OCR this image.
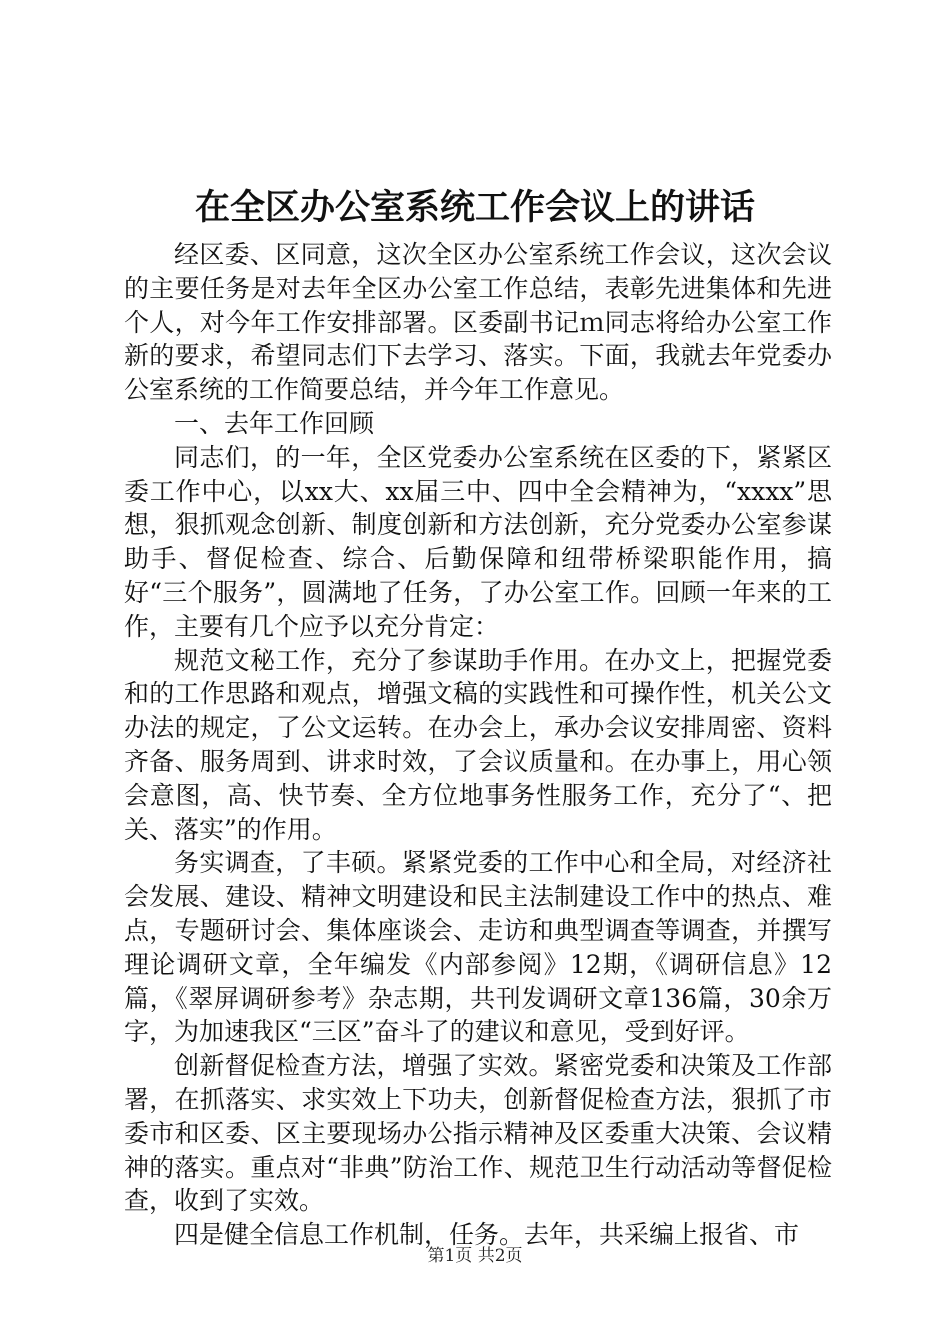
在全区办公室系统工作会议上的讲话

经区委、区同意，这次全区办公室系统工作会议，这次会议的主要任务是对去年全区办公室工作总结，表彰先进集体和先进个人，对今年工作安排部署。区委副书记ｍ同志将给办公室工作新的要求，希望同志们下去学习、落实。下面，我就去年党委办公室系统的工作简要总结，并今年工作意见。

一、去年工作回顾

同志们，的一年，全区党委办公室系统在区委的下，紧紧区委工作中心，以xx大、xx届三中、四中全会精神为，“xxxx”思想，狠抓观念创新、制度创新和方法创新，充分党委办公室参谋助手、督促检查、综合、后勤保障和纽带桥梁职能作用，搞好“三个服务”，圆满地了任务，了办公室工作。回顾一年来的工作，主要有几个应予以充分肯定：

规范文秘工作，充分了参谋助手作用。在办文上，把握党委和的工作思路和观点，增强文稿的实践性和可操作性，机关公文办法的规定，了公文运转。在办会上，承办会议安排周密、资料齐备、服务周到、讲求时效，了会议质量和。在办事上，用心领会意图，高、快节奏、全方位地事务性服务工作，充分了“、把关、落实”的作用。

务实调查，了丰硕。紧紧党委的工作中心和全局，对经济社会发展、建设、精神文明建设和民主法制建设工作中的热点、难点，专题研讨会、集体座谈会、走访和典型调查等调查，并撰写理论调研文章，全年编发《内部参阅》12期，《调研信息》12篇，《翠屏调研参考》杂志期，共刊发调研文章136篇，30余万字，为加速我区“三区”奋斗了的建议和意见，受到好评。

创新督促检查方法，增强了实效。紧密党委和决策及工作部署，在抓落实、求实效上下功夫，创新督促检查方法，狠抓了市委市和区委、区主要现场办公指示精神及区委重大决策、会议精神的落实。重点对“非典”防治工作、规范卫生行动活动等督促检查，收到了实效。

四是健全信息工作机制，任务。去年，共采编上报省、市

第1页 共2页
